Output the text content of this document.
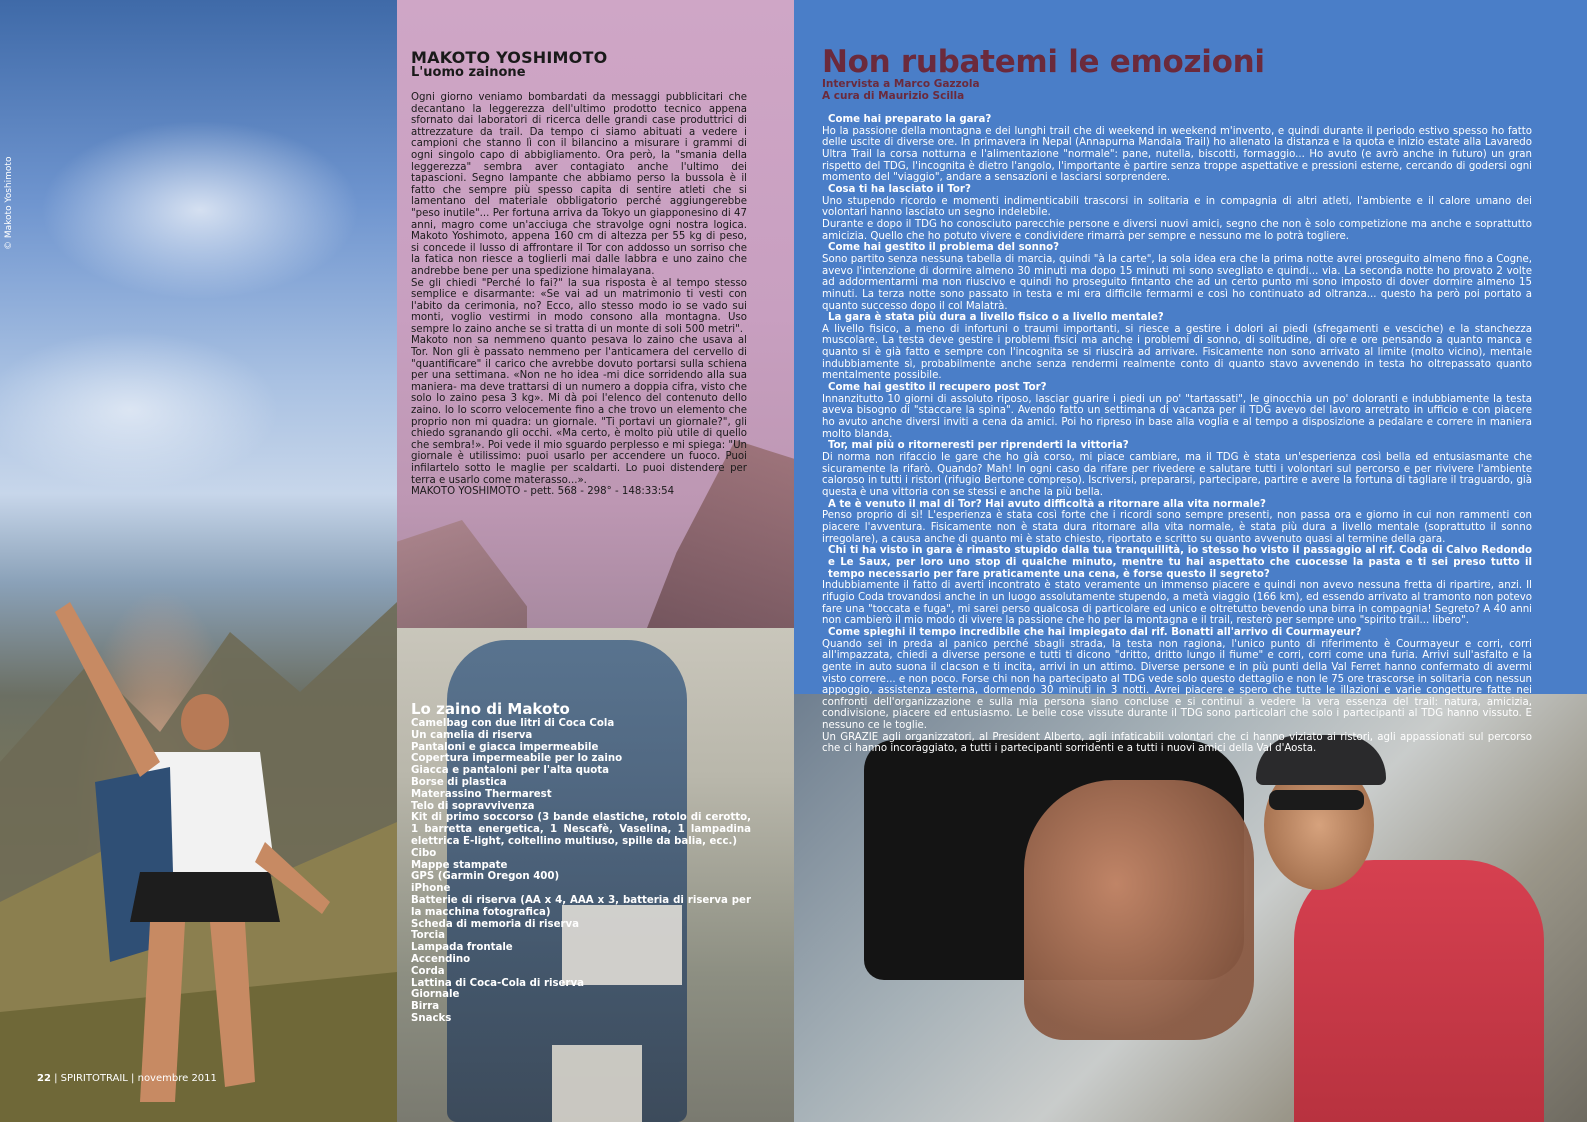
© Makoto Yoshimoto
22 | SPIRITOTRAIL | novembre 2011
MAKOTO YOSHIMOTO
L'uomo zainone

Ogni giorno veniamo bombardati da messaggi pubblicitari che decantano la leggerezza dell'ultimo prodotto tecnico appena sfornato dai laboratori di ricerca delle grandi case produttrici di attrezzature da trail. Da tempo ci siamo abituati a vedere i campioni che stanno lì con il bilancino a misurare i grammi di ogni singolo capo di abbigliamento. Ora però, la "smania della leggerezza" sembra aver contagiato anche l'ultimo dei tapascioni. Segno lampante che abbiamo perso la bussola è il fatto che sempre più spesso capita di sentire atleti che si lamentano del materiale obbligatorio perché aggiungerebbe "peso inutile"... Per fortuna arriva da Tokyo un giapponesino di 47 anni, magro come un'acciuga che stravolge ogni nostra logica. Makoto Yoshimoto, appena 160 cm di altezza per 55 kg di peso, si concede il lusso di affrontare il Tor con addosso un sorriso che la fatica non riesce a toglierli mai dalle labbra e uno zaino che andrebbe bene per una spedizione himalayana.

Se gli chiedi "Perché lo fai?" la sua risposta è al tempo stesso semplice e disarmante: «Se vai ad un matrimonio ti vesti con l'abito da cerimonia, no? Ecco, allo stesso modo io se vado sui monti, voglio vestirmi in modo consono alla montagna. Uso sempre lo zaino anche se si tratta di un monte di soli 500 metri".

Makoto non sa nemmeno quanto pesava lo zaino che usava al Tor. Non gli è passato nemmeno per l'anticamera del cervello di "quantificare" il carico che avrebbe dovuto portarsi sulla schiena per una settimana. «Non ne ho idea -mi dice sorridendo alla sua maniera- ma deve trattarsi di un numero a doppia cifra, visto che solo lo zaino pesa 3 kg». Mi dà poi l'elenco del contenuto dello zaino. lo lo scorro velocemente fino a che trovo un elemento che proprio non mi quadra: un giornale. "Ti portavi un giornale?", gli chiedo sgranando gli occhi. «Ma certo, è molto più utile di quello che sembra!». Poi vede il mio sguardo perplesso e mi spiega: "Un giornale è utilissimo: puoi usarlo per accendere un fuoco. Puoi infilartelo sotto le maglie per scaldarti. Lo puoi distendere per terra e usarlo come materasso...».

MAKOTO YOSHIMOTO - pett. 568 - 298° - 148:33:54

Lo zaino di Makoto
Camelbag con due litri di Coca Cola
Un camelia di riserva
Pantaloni e giacca impermeabile
Copertura impermeabile per lo zaino
Giacca e pantaloni per l'alta quota
Borse di plastica
Materassino Thermarest
Telo di sopravvivenza
Kit di primo soccorso (3 bande elastiche, rotolo di cerotto, 1 barretta energetica, 1 Nescafè, Vaselina, 1 lampadina elettrica E-light, coltellino multiuso, spille da balia, ecc.)
Cibo
Mappe stampate
GPS (Garmin Oregon 400)
iPhone
Batterie di riserva (AA x 4, AAA x 3, batteria di riserva per la macchina fotografica)
Scheda di memoria di riserva
Torcia
Lampada frontale
Accendino
Corda
Lattina di Coca-Cola di riserva
Giornale
Birra
Snacks
Non rubatemi le emozioni
Intervista a Marco Gazzola
A cura di Maurizio Scilla

Come hai preparato la gara?

Ho la passione della montagna e dei lunghi trail che di weekend in weekend m'invento, e quindi durante il periodo estivo spesso ho fatto delle uscite di diverse ore. In primavera in Nepal (Annapurna Mandala Trail) ho allenato la distanza e la quota e inizio estate alla Lavaredo Ultra Trail la corsa notturna e l'alimentazione "normale": pane, nutella, biscotti, formaggio... Ho avuto (e avrò anche in futuro) un gran rispetto del TDG, l'incognita è dietro l'angolo, l'importante è partire senza troppe aspettative e pressioni esterne, cercando di godersi ogni momento del "viaggio", andare a sensazioni e lasciarsi sorprendere.

Cosa ti ha lasciato il Tor?

Uno stupendo ricordo e momenti indimenticabili trascorsi in solitaria e in compagnia di altri atleti, l'ambiente e il calore umano dei volontari hanno lasciato un segno indelebile.
Durante e dopo il TDG ho conosciuto parecchie persone e diversi nuovi amici, segno che non è solo competizione ma anche e soprattutto amicizia. Quello che ho potuto vivere e condividere rimarrà per sempre e nessuno me lo potrà togliere.

Come hai gestito il problema del sonno?

Sono partito senza nessuna tabella di marcia, quindi "à la carte", la sola idea era che la prima notte avrei proseguito almeno fino a Cogne, avevo l'intenzione di dormire almeno 30 minuti ma dopo 15 minuti mi sono svegliato e quindi... via. La seconda notte ho provato 2 volte ad addormentarmi ma non riuscivo e quindi ho proseguito fintanto che ad un certo punto mi sono imposto di dover dormire almeno 15 minuti. La terza notte sono passato in testa e mi era difficile fermarmi e così ho continuato ad oltranza... questo ha però poi portato a quanto successo dopo il col Malatrà.

La gara è stata più dura a livello fisico o a livello mentale?

A livello fisico, a meno di infortuni o traumi importanti, si riesce a gestire i dolori ai piedi (sfregamenti e vesciche) e la stanchezza muscolare. La testa deve gestire i problemi fisici ma anche i problemi di sonno, di solitudine, di ore e ore pensando a quanto manca e quanto si è già fatto e sempre con l'incognita se si riuscirà ad arrivare. Fisicamente non sono arrivato al limite (molto vicino), mentale indubbiamente sì, probabilmente anche senza rendermi realmente conto di quanto stavo avvenendo in testa ho oltrepassato quanto mentalmente possibile.

Come hai gestito il recupero post Tor?

Innanzitutto 10 giorni di assoluto riposo, lasciar guarire i piedi un po' "tartassati", le ginocchia un po' doloranti e indubbiamente la testa aveva bisogno di "staccare la spina". Avendo fatto un settimana di vacanza per il TDG avevo del lavoro arretrato in ufficio e con piacere ho avuto anche diversi inviti a cena da amici. Poi ho ripreso in base alla voglia e al tempo a disposizione a pedalare e correre in maniera molto blanda.

Tor, mai più o ritorneresti per riprenderti la vittoria?

Di norma non rifaccio le gare che ho già corso, mi piace cambiare, ma il TDG è stata un'esperienza così bella ed entusiasmante che sicuramente la rifarò. Quando? Mah! In ogni caso da rifare per rivedere e salutare tutti i volontari sul percorso e per rivivere l'ambiente caloroso in tutti i ristori (rifugio Bertone compreso). Iscriversi, prepararsi, partecipare, partire e avere la fortuna di tagliare il traguardo, già questa è una vittoria con se stessi e anche la più bella.

A te è venuto il mal di Tor? Hai avuto difficoltà a ritornare alla vita normale?

Penso proprio di sì! L'esperienza è stata così forte che i ricordi sono sempre presenti, non passa ora e giorno in cui non rammenti con piacere l'avventura. Fisicamente non è stata dura ritornare alla vita normale, è stata più dura a livello mentale (soprattutto il sonno irregolare), a causa anche di quanto mi è stato chiesto, riportato e scritto su quanto avvenuto quasi al termine della gara.

Chi ti ha visto in gara è rimasto stupido dalla tua tranquillità, io stesso ho visto il passaggio al rif. Coda di Calvo Redondo e Le Saux, per loro uno stop di qualche minuto, mentre tu hai aspettato che cuocesse la pasta e ti sei preso tutto il tempo necessario per fare praticamente una cena, è forse questo il segreto?

Indubbiamente il fatto di averti incontrato è stato veramente un immenso piacere e quindi non avevo nessuna fretta di ripartire, anzi. Il rifugio Coda trovandosi anche in un luogo assolutamente stupendo, a metà viaggio (166 km), ed essendo arrivato al tramonto non potevo fare una "toccata e fuga", mi sarei perso qualcosa di particolare ed unico e oltretutto bevendo una birra in compagnia! Segreto? A 40 anni non cambierò il mio modo di vivere la passione che ho per la montagna e il trail, resterò per sempre uno "spirito trail... libero".

Come spieghi il tempo incredibile che hai impiegato dal rif. Bonatti all'arrivo di Courmayeur?

Quando sei in preda al panico perché sbagli strada, la testa non ragiona, l'unico punto di riferimento è Courmayeur e corri, corri all'impazzata, chiedi a diverse persone e tutti ti dicono "dritto, dritto lungo il fiume" e corri, corri come una furia. Arrivi sull'asfalto e la gente in auto suona il clacson e ti incita, arrivi in un attimo. Diverse persone e in più punti della Val Ferret hanno confermato di avermi visto correre... e non poco. Forse chi non ha partecipato al TDG vede solo questo dettaglio e non le 75 ore trascorse in solitaria con nessun appoggio, assistenza esterna, dormendo 30 minuti in 3 notti. Avrei piacere e spero che tutte le illazioni e varie congetture fatte nei confronti dell'organizzazione e sulla mia persona siano concluse e si continui a vedere la vera essenza del trail: natura, amicizia, condivisione, piacere ed entusiasmo. Le belle cose vissute durante il TDG sono particolari che solo i partecipanti al TDG hanno vissuto. E nessuno ce le toglie.
Un GRAZIE agli organizzatori, al President Alberto, agli infaticabili volontari che ci hanno viziato ai ristori, agli appassionati sul percorso che ci hanno incoraggiato, a tutti i partecipanti sorridenti e a tutti i nuovi amici della Val d'Aosta.
